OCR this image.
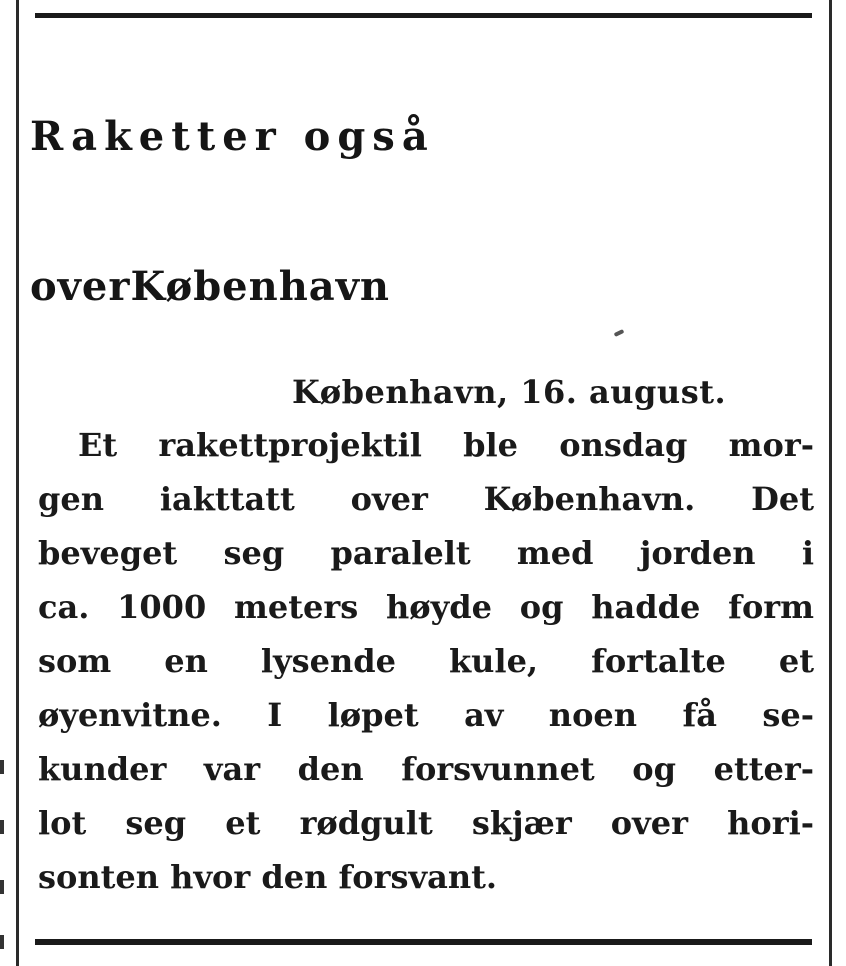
Raketter også
overKøbenhavn
København, 16. august.
Et rakettprojektil ble onsdag mor-
gen iakttatt over København. Det
beveget seg paralelt med jorden i
ca. 1000 meters høyde og hadde form
som en lysende kule, fortalte et
øyenvitne. I løpet av noen få se-
kunder var den forsvunnet og etter-
lot seg et rødgult skjær over hori-
sonten hvor den forsvant.
